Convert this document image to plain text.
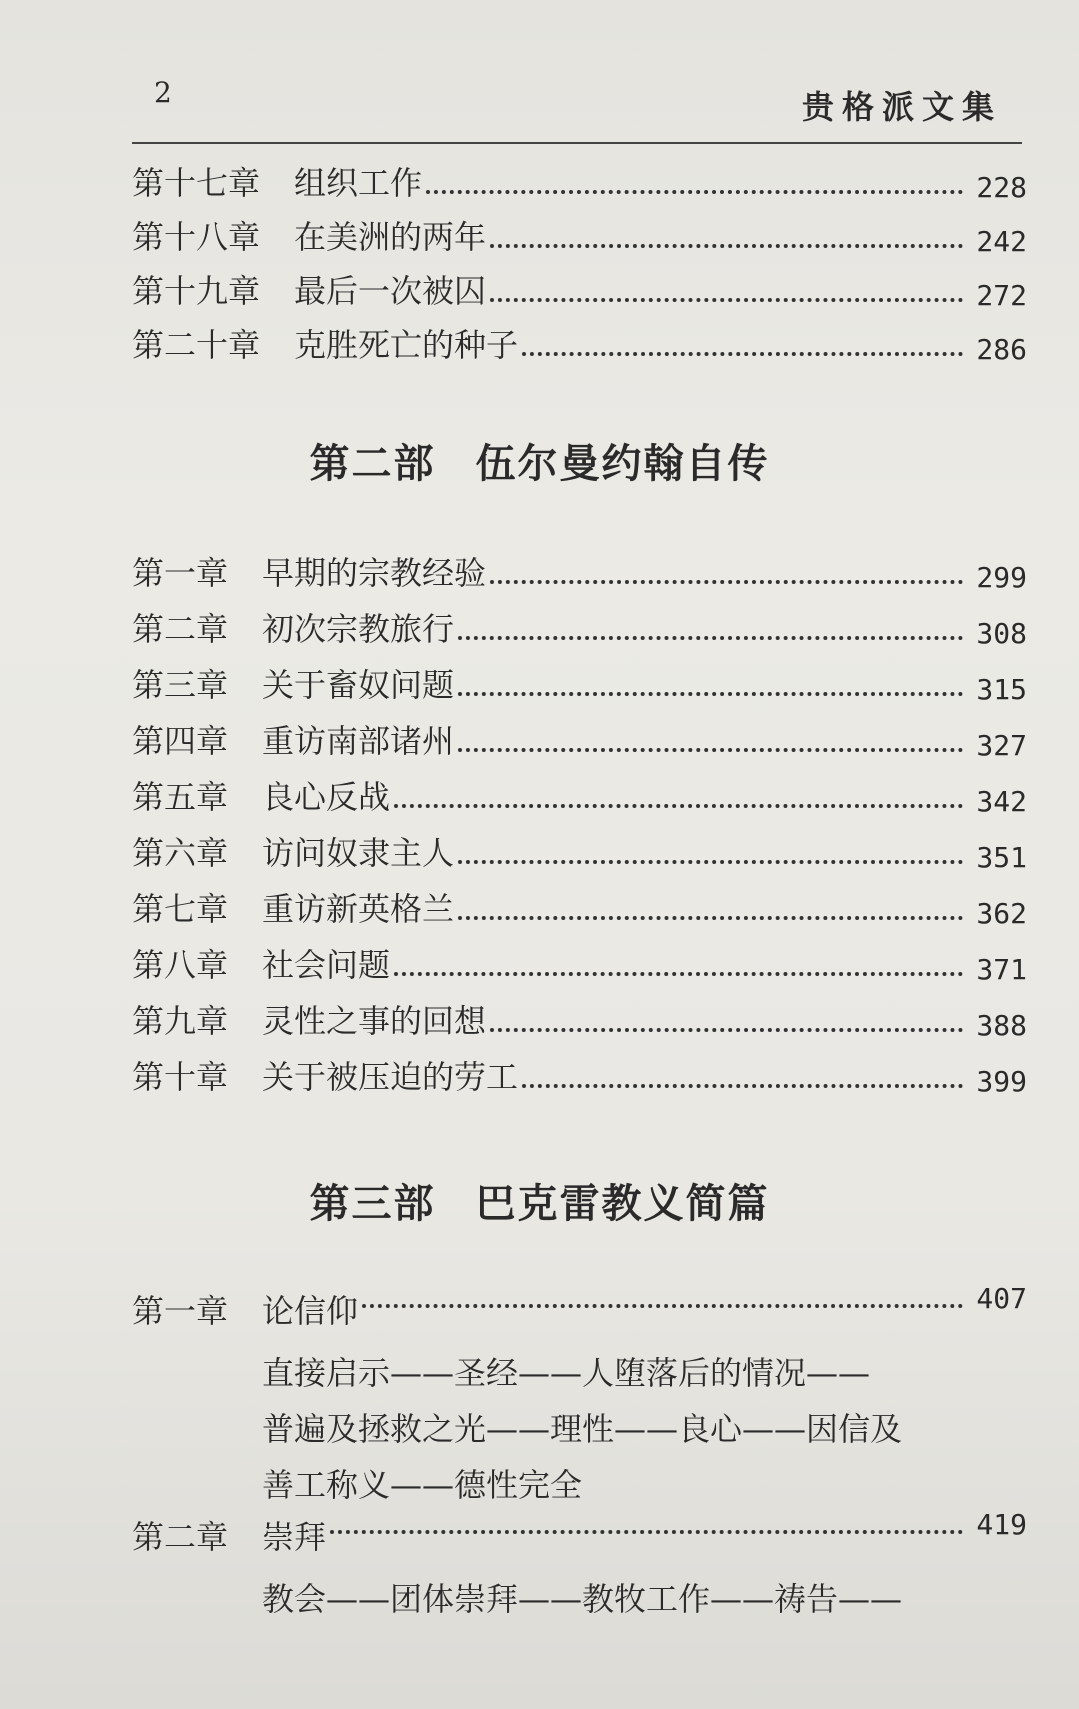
2	贵格派文集
第十七章	组织工作	228
第十八章	在美洲的两年	242
第十九章	最后一次被囚	272
第二十章	克胜死亡的种子	286
第二部 伍尔曼约翰自传
第一章	早期的宗教经验	299
第二章	初次宗教旅行	308
第三章	关于畜奴问题	315
第四章	重访南部诸州	327
第五章	良心反战	342
第六章	访问奴隶主人	351
第七章	重访新英格兰	362
第八章	社会问题	371
第九章	灵性之事的回想	388
第十章	关于被压迫的劳工	399
第三部 巴克雷教义简篇
第一章	论信仰	407
直接启示——圣经——人堕落后的情况——
普遍及拯救之光——理性——良心——因信及
善工称义——德性完全
第二章	崇拜	419
教会——团体崇拜——教牧工作——祷告——
